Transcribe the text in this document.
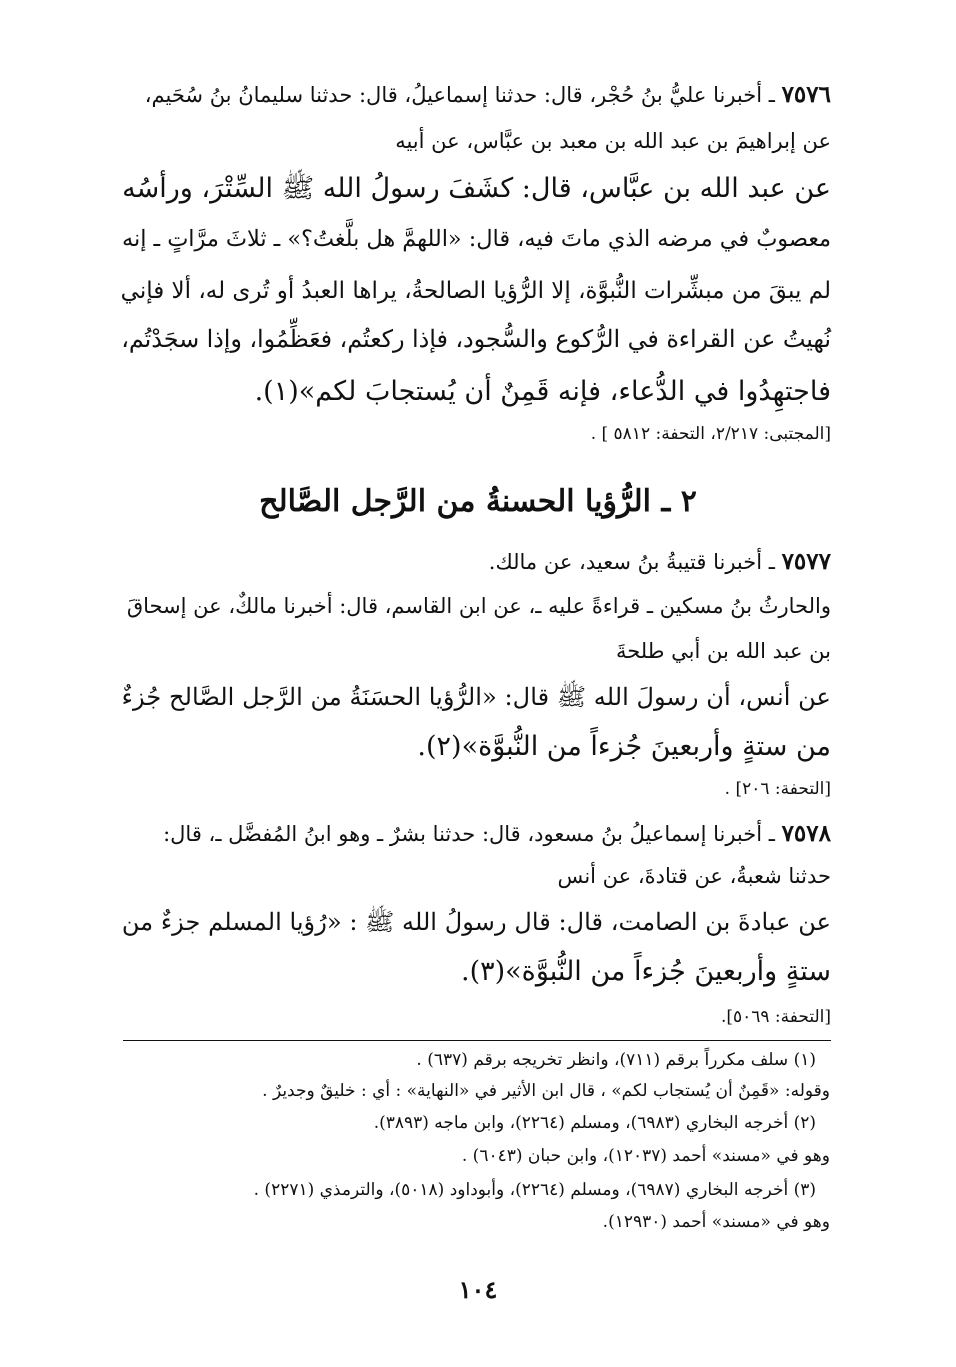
٧٥٧٦ ـ أخبرنا عليُّ بنُ حُجْر، قال: حدثنا إسماعيلُ، قال: حدثنا سليمانُ بنُ سُحَيم،
عن إبراهيمَ بن عبد الله بن معبد بن عبَّاس، عن أبيه
عن عبد الله بن عبَّاس، قال: كشَفَ رسولُ الله ﷺ السِّتْرَ، ورأسُه
معصوبٌ في مرضه الذي ماتَ فيه، قال: «اللهمَّ هل بلَّغتُ؟» ـ ثلاثَ مرَّاتٍ ـ إنه
لم يبقَ من مبشِّرات النُّبوَّة، إلا الرُّؤيا الصالحةُ، يراها العبدُ أو تُرى له، ألا فإني
نُهيتُ عن القراءة في الرُّكوع والسُّجود، فإذا ركعتُم، فعَظِّمُوا، وإذا سجَدْتُم،
فاجتهِدُوا في الدُّعاء، فإنه قَمِنٌ أن يُستجابَ لكم»(١).
[المجتبى: ٢/٢١٧، التحفة: ٥٨١٢ ] .
٢ ـ الرُّؤيا الحسنةُ من الرَّجل الصَّالح
٧٥٧٧ ـ أخبرنا قتيبةُ بنُ سعيد، عن مالك.
والحارثُ بنُ مسكين ـ قراءةً عليه ـ، عن ابن القاسم، قال: أخبرنا مالكٌ، عن إسحاقَ
بن عبد الله بن أبي طلحةَ
عن أنس، أن رسولَ الله ﷺ قال: «الرُّؤيا الحسَنَةُ من الرَّجل الصَّالح جُزءٌ
من ستةٍ وأربعينَ جُزءاً من النُّبوَّة»(٢).
[التحفة: ٢٠٦] .
٧٥٧٨ ـ أخبرنا إسماعيلُ بنُ مسعود، قال: حدثنا بشرٌ ـ وهو ابنُ المُفضَّل ـ، قال:
حدثنا شعبةُ، عن قتادةَ، عن أنس
عن عبادةَ بن الصامت، قال: قال رسولُ الله ﷺ : «رُؤيا المسلم جزءٌ من
ستةٍ وأربعينَ جُزءاً من النُّبوَّة»(٣).
[التحفة: ٥٠٦٩].
(١) سلف مكرراً برقم (٧١١)، وانظر تخريجه برقم (٦٣٧) .
وقوله: «قَمِنٌ أن يُستجاب لكم» ، قال ابن الأثير في «النهاية» : أي : خليقٌ وجديرٌ .
(٢) أخرجه البخاري (٦٩٨٣)، ومسلم (٢٢٦٤)، وابن ماجه (٣٨٩٣).
وهو في «مسند» أحمد (١٢٠٣٧)، وابن حبان (٦٠٤٣) .
(٣) أخرجه البخاري (٦٩٨٧)، ومسلم (٢٢٦٤)، وأبوداود (٥٠١٨)، والترمذي (٢٢٧١) .
وهو في «مسند» أحمد (١٢٩٣٠).
١٠٤
